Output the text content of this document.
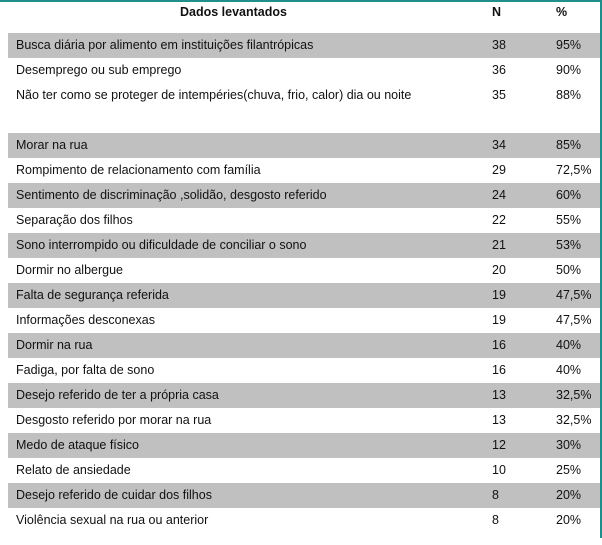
Dados levantados	N	%
Busca diária por alimento em instituições filantrópicas	38	95%
Desemprego ou sub emprego	36	90%
Não ter como se proteger de intempéries(chuva, frio, calor) dia ou noite	35	88%
Morar na rua	34	85%
Rompimento de relacionamento com família	29	72,5%
Sentimento de discriminação ,solidão, desgosto referido	24	60%
Separação dos filhos	22	55%
Sono interrompido ou dificuldade de conciliar o sono	21	53%
Dormir no albergue	20	50%
Falta de segurança referida	19	47,5%
Informações desconexas	19	47,5%
Dormir na rua	16	40%
Fadiga, por falta de sono	16	40%
Desejo referido de ter a própria casa	13	32,5%
Desgosto referido por morar na rua	13	32,5%
Medo de ataque físico	12	30%
Relato de ansiedade	10	25%
Desejo referido de cuidar dos filhos	8	20%
Violência sexual na rua ou anterior	8	20%
